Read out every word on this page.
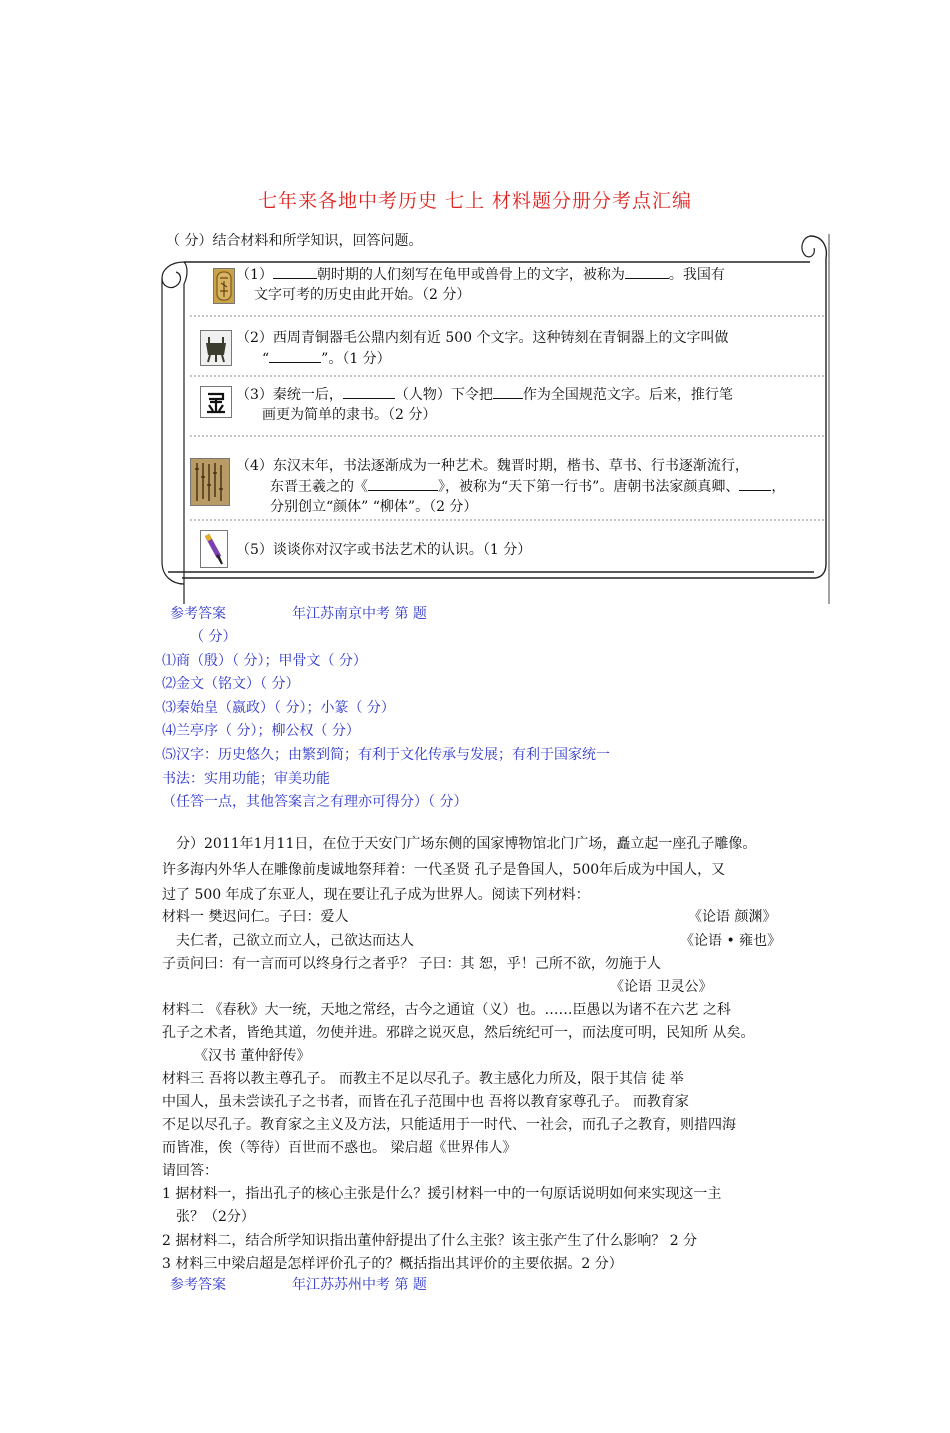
七年来各地中考历史 七上 材料题分册分考点汇编
（ 分）结合材料和所学知识，回答问题。
（1）	朝时期的人们刻写在龟甲或兽骨上的文字，被称为	。我国有
文字可考的历史由此开始。（2 分）
（2）西周青铜器毛公鼎内刻有近 500 个文字。这种铸刻在青铜器上的文字叫做
“	”。（1 分）
（3）秦统一后，	（人物）下令把 作为全国规范文字。后来，推行笔
画更为简单的隶书。（2 分）
（4）东汉末年，书法逐渐成为一种艺术。魏晋时期，楷书、草书、行书逐渐流行，
东晋王羲之的《	》，被称为“天下第一行书”。唐朝书法家颜真卿、 ，
分别创立“颜体” “柳体”。（2 分）
（5）谈谈你对汉字或书法艺术的认识。（1 分）
参考答案	年江苏南京中考 第 题
（ 分）
⑴商（殷）（ 分）；甲骨文（ 分）
⑵金文（铭文）（ 分）
⑶秦始皇（嬴政）（ 分）；小篆（ 分）
⑷兰亭序（ 分）；柳公权（ 分）
⑸汉字：历史悠久；由繁到简；有利于文化传承与发展；有利于国家统一
书法：实用功能；审美功能
（任答一点，其他答案言之有理亦可得分）（ 分）
分）2011年1月11日，在位于天安门广场东侧的国家博物馆北门广场，矗立起一座孔子雕像。
许多海内外华人在雕像前虔诚地祭拜着：一代圣贤 孔子是鲁国人，500年后成为中国人，又
过了 500 年成了东亚人，现在要让孔子成为世界人。阅读下列材料：
材料一 樊迟问仁。子曰：爱人	《论语 颜渊》
夫仁者，己欲立而立人，己欲达而达人	《论语 • 雍也》
子贡问曰：有一言而可以终身行之者乎？ 子曰：其 恕，乎！己所不欲，勿施于人
《论语 卫灵公》
材料二 《春秋》大一统，天地之常经，古今之通谊（义）也。……臣愚以为诸不在六艺 之科
孔子之术者，皆绝其道，勿使并进。邪辟之说灭息，然后统纪可一，而法度可明，民知所 从矣。
《汉书 董仲舒传》
材料三 吾将以教主尊孔子。 而教主不足以尽孔子。教主感化力所及，限于其信 徒 举
中国人，虽未尝读孔子之书者，而皆在孔子范围中也 吾将以教育家尊孔子。 而教育家
不足以尽孔子。教育家之主义及方法，只能适用于一时代、一社会，而孔子之教育，则措四海
而皆准，俟（等待）百世而不惑也。 梁启超《世界伟人》
请回答：
1 据材料一，指出孔子的核心主张是什么？援引材料一中的一句原话说明如何来实现这一主
张？（2分）
2 据材料二，结合所学知识指出董仲舒提出了什么主张？该主张产生了什么影响？ 2 分
3 材料三中梁启超是怎样评价孔子的？概括指出其评价的主要依据。2 分）
参考答案	年江苏苏州中考 第 题
